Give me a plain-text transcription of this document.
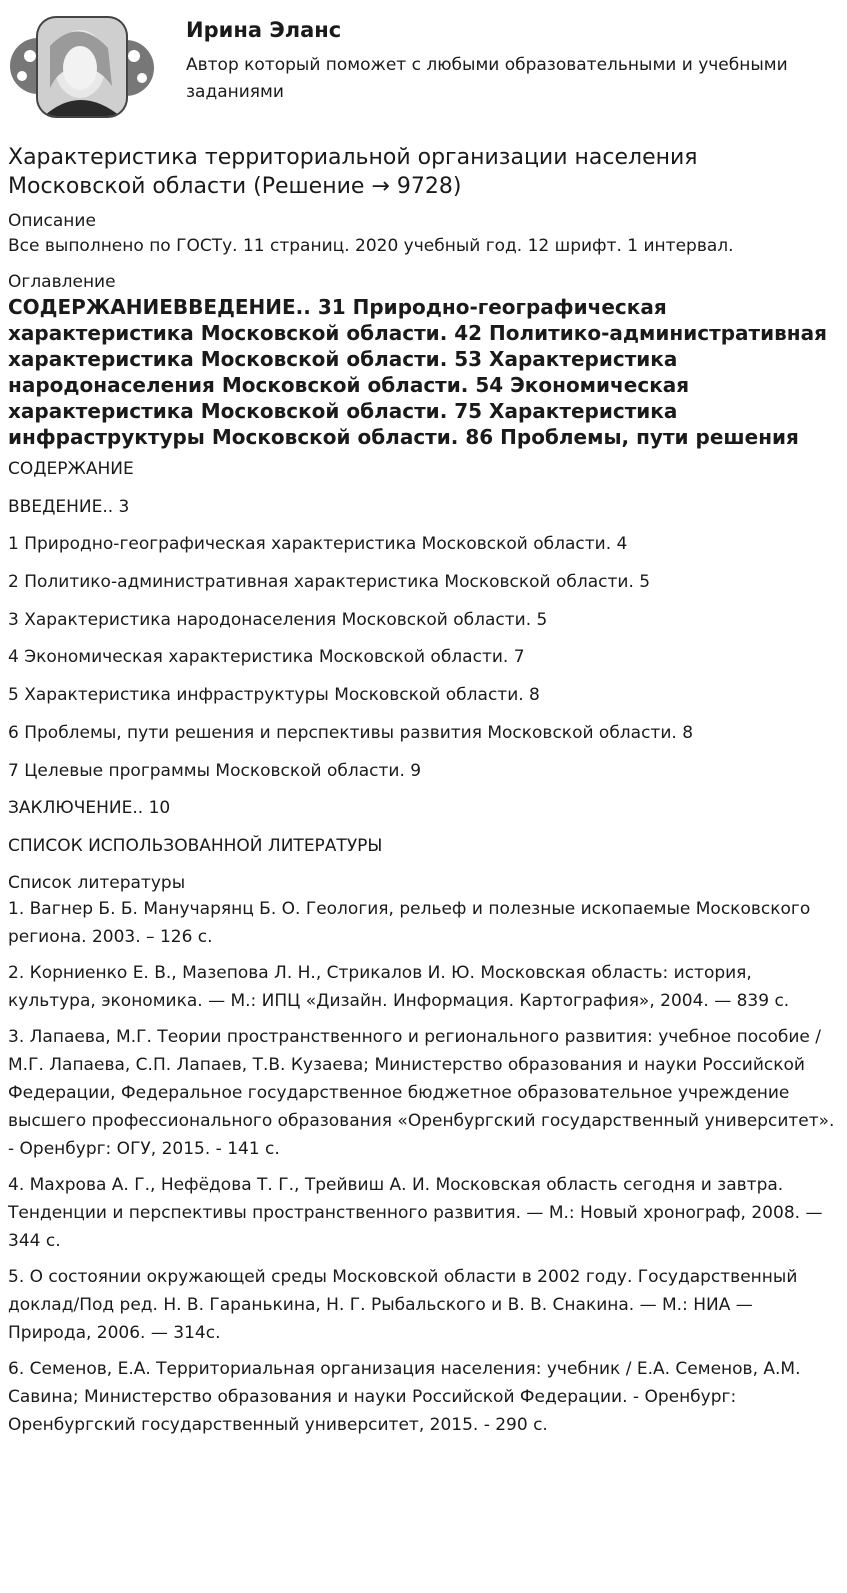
Ирина Эланс

Автор который поможет с любыми образовательными и учебными заданиями

Характеристика территориальной организации населения Московской области (Решение → 9728)

Описание

Все выполнено по ГОСТу. 11 страниц. 2020 учебный год. 12 шрифт. 1 интервал.

Оглавление

СОДЕРЖАНИЕВВЕДЕНИЕ.. 31 Природно-географическая характеристика Московской области. 42 Политико-административная характеристика Московской области. 53 Характеристика народонаселения Московской области. 54 Экономическая характеристика Московской области. 75 Характеристика инфраструктуры Московской области. 86 Проблемы, пути решения

СОДЕРЖАНИЕ
ВВЕДЕНИЕ.. 3
1 Природно-географическая характеристика Московской области. 4
2 Политико-административная характеристика Московской области. 5
3 Характеристика народонаселения Московской области. 5
4 Экономическая характеристика Московской области. 7
5 Характеристика инфраструктуры Московской области. 8
6 Проблемы, пути решения и перспективы развития Московской области. 8
7 Целевые программы Московской области. 9
ЗАКЛЮЧЕНИЕ.. 10
СПИСОК ИСПОЛЬЗОВАННОЙ ЛИТЕРАТУРЫ

Список литературы

1. Вагнер Б. Б. Манучарянц Б. О. Геология, рельеф и полезные ископаемые Московского региона. 2003. – 126 с.
2. Корниенко Е. В., Мазепова Л. Н., Стрикалов И. Ю. Московская область: история, культура, экономика. — М.: ИПЦ «Дизайн. Информация. Картография», 2004. — 839 с.
3. Лапаева, М.Г. Теории пространственного и регионального развития: учебное пособие / М.Г. Лапаева, С.П. Лапаев, Т.В. Кузаева; Министерство образования и науки Российской Федерации, Федеральное государственное бюджетное образовательное учреждение высшего профессионального образования «Оренбургский государственный университет». - Оренбург: ОГУ, 2015. - 141 с.
4. Махрова А. Г., Нефёдова Т. Г., Трейвиш А. И. Московская область сегодня и завтра. Тенденции и перспективы пространственного развития. — М.: Новый хронограф, 2008. — 344 с.
5. О состоянии окружающей среды Московской области в 2002 году. Государственный доклад/Под ред. Н. В. Гаранькина, Н. Г. Рыбальского и В. В. Снакина. — М.: НИА — Природа, 2006. — 314с.
6. Семенов, Е.А. Территориальная организация населения: учебник / Е.А. Семенов, А.М. Савина; Министерство образования и науки Российской Федерации. - Оренбург: Оренбургский государственный университет, 2015. - 290 с.
